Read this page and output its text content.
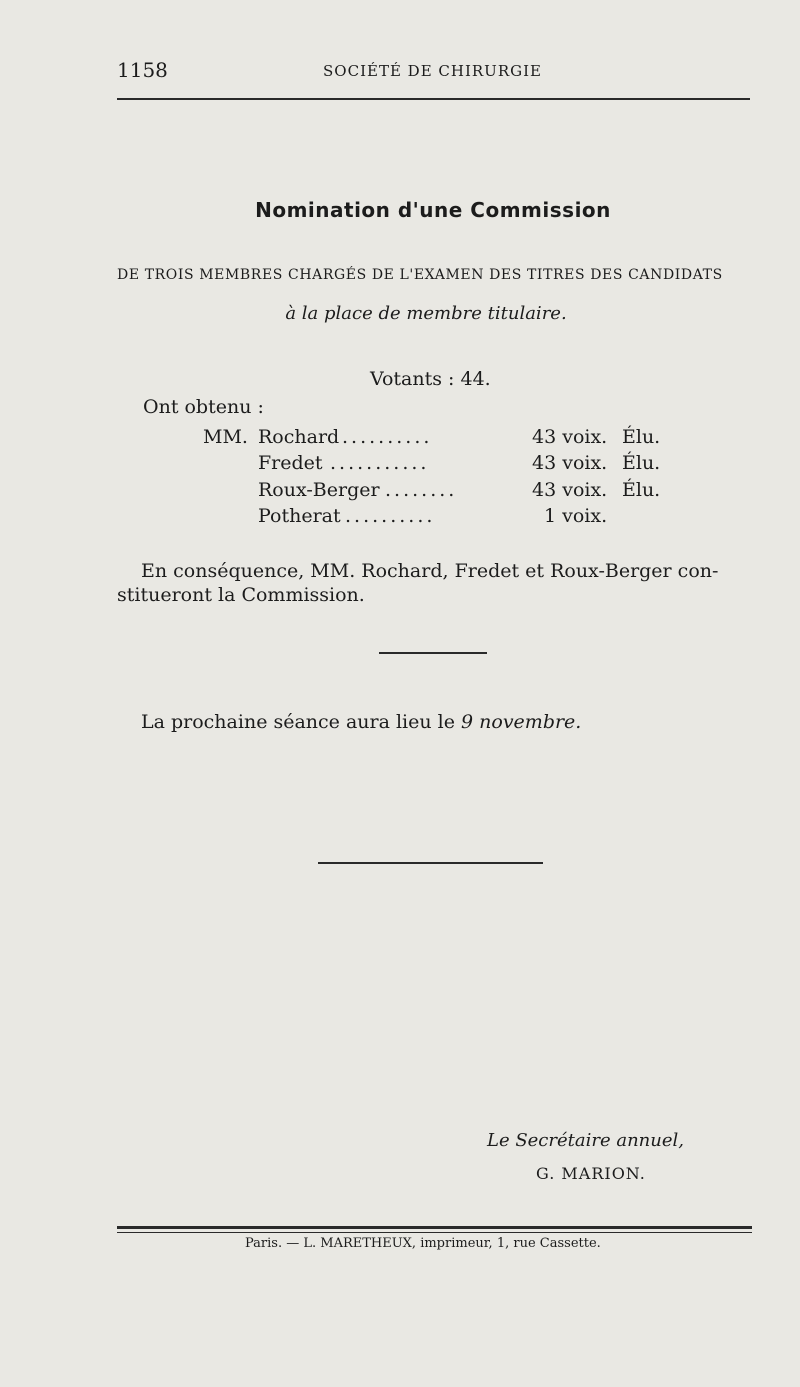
1158	SOCIÉTÉ DE CHIRURGIE
Nomination d'une Commission
DE TROIS MEMBRES CHARGÉS DE L'EXAMEN DES TITRES DES CANDIDATS
à la place de membre titulaire.
Votants : 44.
Ont obtenu :
MM. Rochard ..........	43 voix. Élu.
Fredet ...........	43 voix. Élu.
Roux-Berger ........	43 voix. Élu.
Potherat ..........	1 voix.
En conséquence, MM. Rochard, Fredet et Roux-Berger con-
stitueront la Commission.
La prochaine séance aura lieu le 9 novembre.
Le Secrétaire annuel,
G. MARION.
Paris. — L. MARETHEUX, imprimeur, 1, rue Cassette.
